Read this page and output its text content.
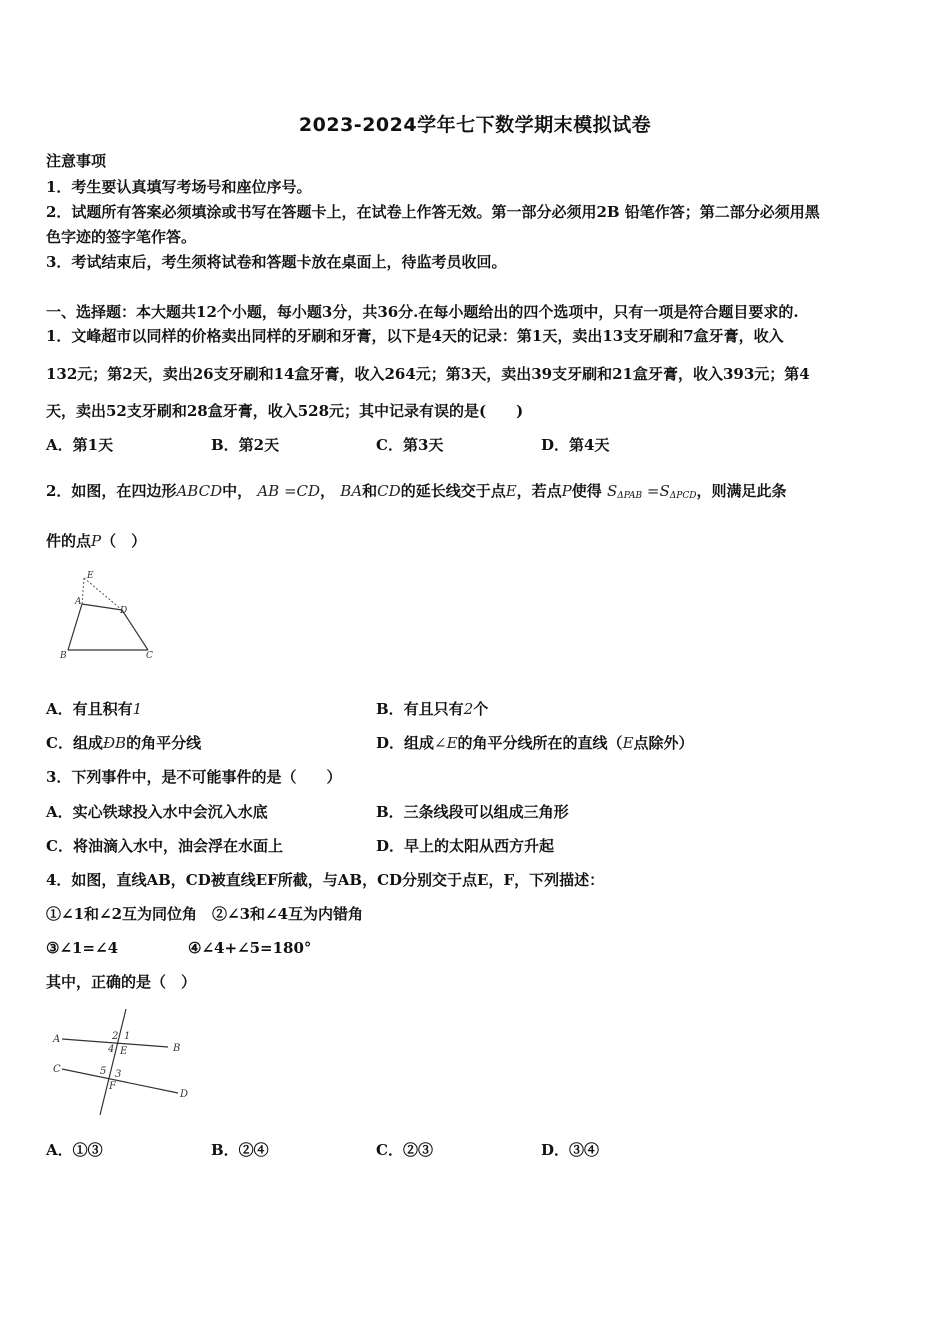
2023-2024学年七下数学期末模拟试卷
注意事项
1．考生要认真填写考场号和座位序号。
2．试题所有答案必须填涂或书写在答题卡上，在试卷上作答无效。第一部分必须用2B 铅笔作答；第二部分必须用黑
色字迹的签字笔作答。
3．考试结束后，考生须将试卷和答题卡放在桌面上，待监考员收回。
一、选择题：本大题共12个小题，每小题3分，共36分.在每小题给出的四个选项中，只有一项是符合题目要求的.
1．文峰超市以同样的价格卖出同样的牙刷和牙膏，以下是4天的记录：第1天，卖出13支牙刷和7盒牙膏，收入
132元；第2天，卖出26支牙刷和14盒牙膏，收入264元；第3天，卖出39支牙刷和21盒牙膏，收入393元；第4
天，卖出52支牙刷和28盒牙膏，收入528元；其中记录有误的是(　　)
A．第1天	B．第2天	C．第3天	D．第4天
2．如图，在四边形ABCD中， AB =CD， BA和CD的延长线交于点E，若点P使得 $S_{\Delta PAB} =S_{\Delta PCD}$，则满足此条
件的点P（　）
E
A
D
B	C
A．有且积有1	B．有且只有2个
C．组成ÐB的角平分线	D．组成∠E的角平分线所在的直线（E点除外）
3．下列事件中，是不可能事件的是（　　）
A．实心铁球投入水中会沉入水底	B．三条线段可以组成三角形
C．将油滴入水中，油会浮在水面上	D．早上的太阳从西方升起
4．如图，直线AB，CD被直线EF所截，与AB，CD分别交于点E，F，下列描述：
①∠1和∠2互为同位角　②∠3和∠4互为内错角
③∠1=∠4	④∠4+∠5=180°
其中，正确的是（　）
A
B
C
D
E
F
1
2
3
4
5
A．①③	B．②④	C．②③	D．③④
